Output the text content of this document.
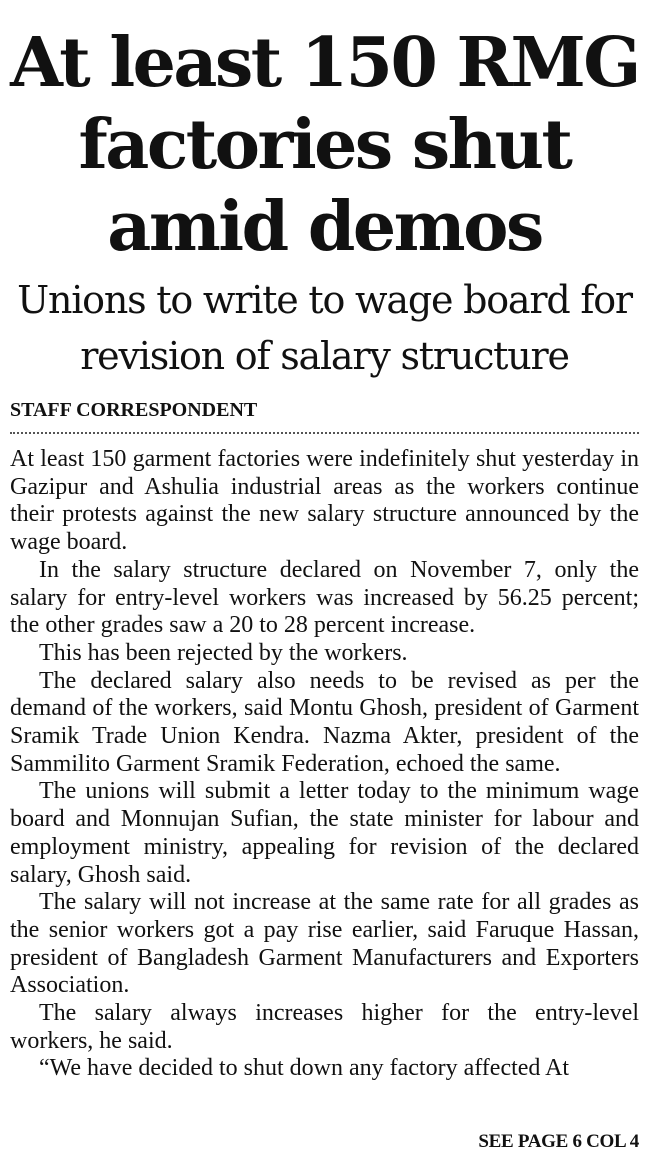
At least 150 RMG factories shut amid demos
Unions to write to wage board for revision of salary structure
STAFF CORRESPONDENT

At least 150 garment factories were indefinitely shut yesterday in Gazipur and Ashulia industrial areas as the workers continue their protests against the new salary structure announced by the wage board.

In the salary structure declared on November 7, only the salary for entry-level workers was increased by 56.25 percent; the other grades saw a 20 to 28 percent increase.

This has been rejected by the workers.

The declared salary also needs to be revised as per the demand of the workers, said Montu Ghosh, president of Garment Sramik Trade Union Kendra. Nazma Akter, president of the Sammilito Garment Sramik Federation, echoed the same.

The unions will submit a letter today to the minimum wage board and Monnujan Sufian, the state minister for labour and employment ministry, appealing for revision of the declared salary, Ghosh said.

The salary will not increase at the same rate for all grades as the senior workers got a pay rise earlier, said Faruque Hassan, president of Bangladesh Garment Manufacturers and Exporters Association.

The salary always increases higher for the entry-level workers, he said.

“We have decided to shut down any factory affected At

SEE PAGE 6 COL 4
